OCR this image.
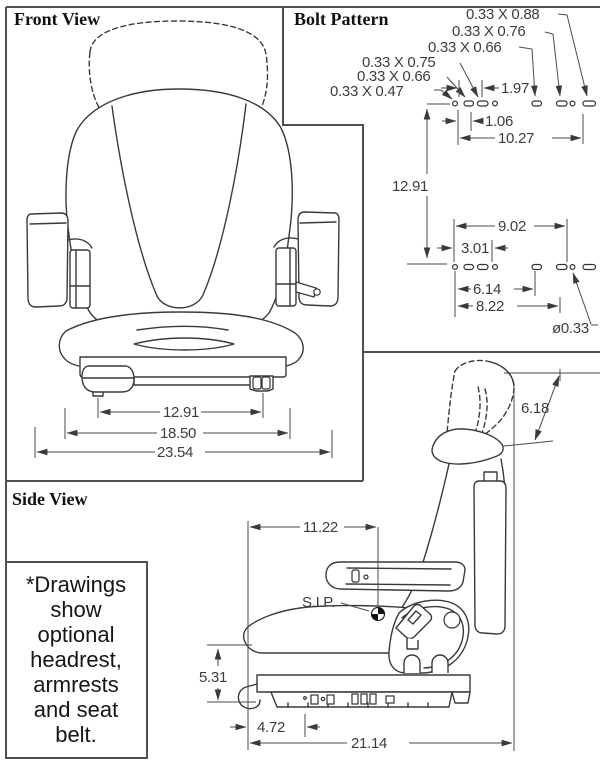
Front View	Bolt Pattern
Side View
*Drawings
show
optional
headrest,
armrests
and seat
belt.
12.91
18.50
23.54
0.33 X 0.88
0.33 X 0.76
0.33 X 0.66
0.33 X 0.75
0.33 X 0.66
0.33 X 0.47	1.97
1.06
10.27
12.91
9.02
3.01
6.14
8.22
ø0.33
S.I.P.
6.18
11.22
5.31
4.72
21.14
